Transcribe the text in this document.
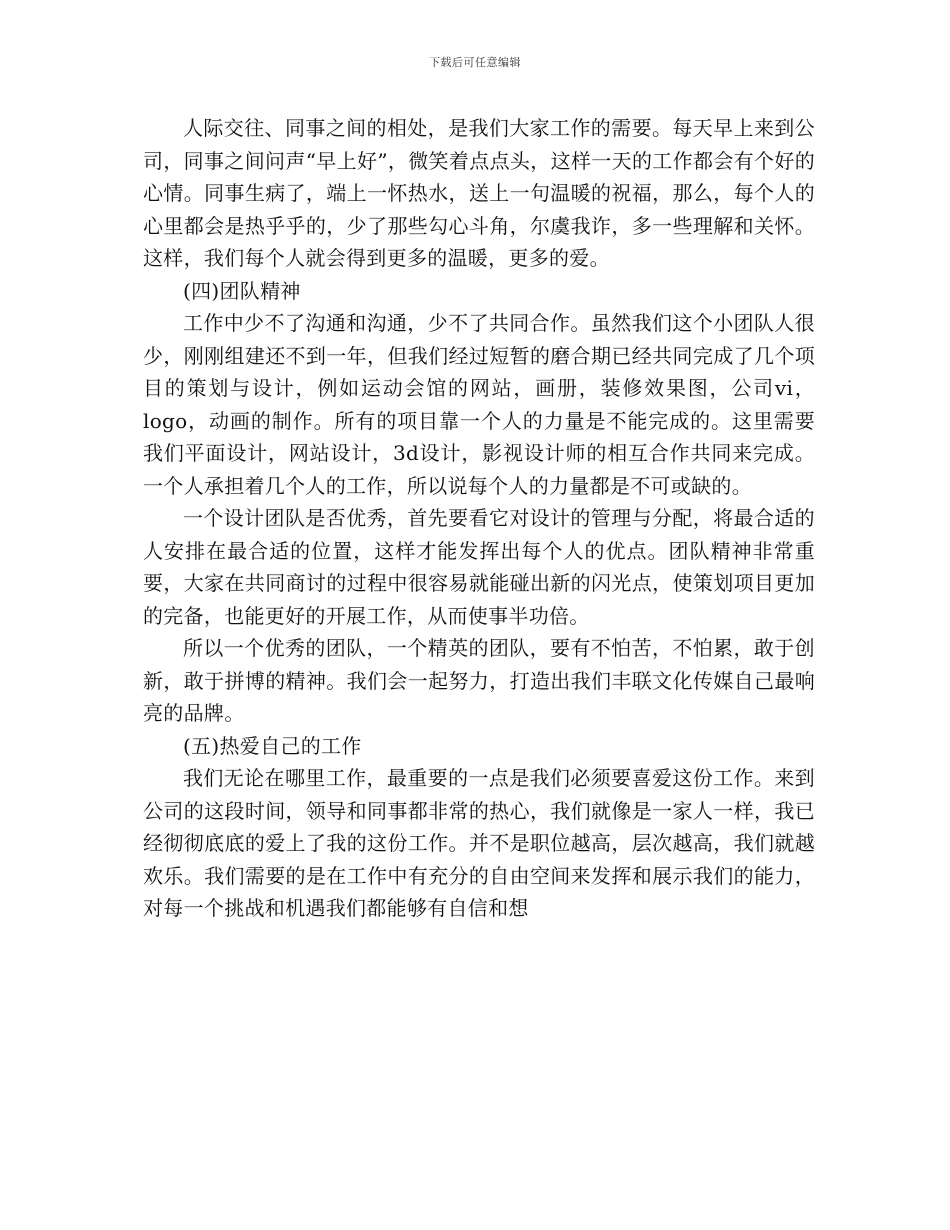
下载后可任意编辑

人际交往、同事之间的相处，是我们大家工作的需要。每天早上来到公司，同事之间问声“早上好”，微笑着点点头，这样一天的工作都会有个好的心情。同事生病了，端上一怀热水，送上一句温暖的祝福，那么，每个人的心里都会是热乎乎的，少了那些勾心斗角，尔虞我诈，多一些理解和关怀。这样，我们每个人就会得到更多的温暖，更多的爱。

(四)团队精神

工作中少不了沟通和沟通，少不了共同合作。虽然我们这个小团队人很少，刚刚组建还不到一年，但我们经过短暂的磨合期已经共同完成了几个项目的策划与设计，例如运动会馆的网站，画册，装修效果图，公司vi，logo，动画的制作。所有的项目靠一个人的力量是不能完成的。这里需要我们平面设计，网站设计，3d设计，影视设计师的相互合作共同来完成。一个人承担着几个人的工作，所以说每个人的力量都是不可或缺的。

一个设计团队是否优秀，首先要看它对设计的管理与分配，将最合适的人安排在最合适的位置，这样才能发挥出每个人的优点。团队精神非常重要，大家在共同商讨的过程中很容易就能碰出新的闪光点，使策划项目更加的完备，也能更好的开展工作，从而使事半功倍。

所以一个优秀的团队，一个精英的团队，要有不怕苦，不怕累，敢于创新，敢于拼博的精神。我们会一起努力，打造出我们丰联文化传媒自己最响亮的品牌。

(五)热爱自己的工作

我们无论在哪里工作，最重要的一点是我们必须要喜爱这份工作。来到公司的这段时间，领导和同事都非常的热心，我们就像是一家人一样，我已经彻彻底底的爱上了我的这份工作。并不是职位越高，层次越高，我们就越欢乐。我们需要的是在工作中有充分的自由空间来发挥和展示我们的能力，对每一个挑战和机遇我们都能够有自信和想
